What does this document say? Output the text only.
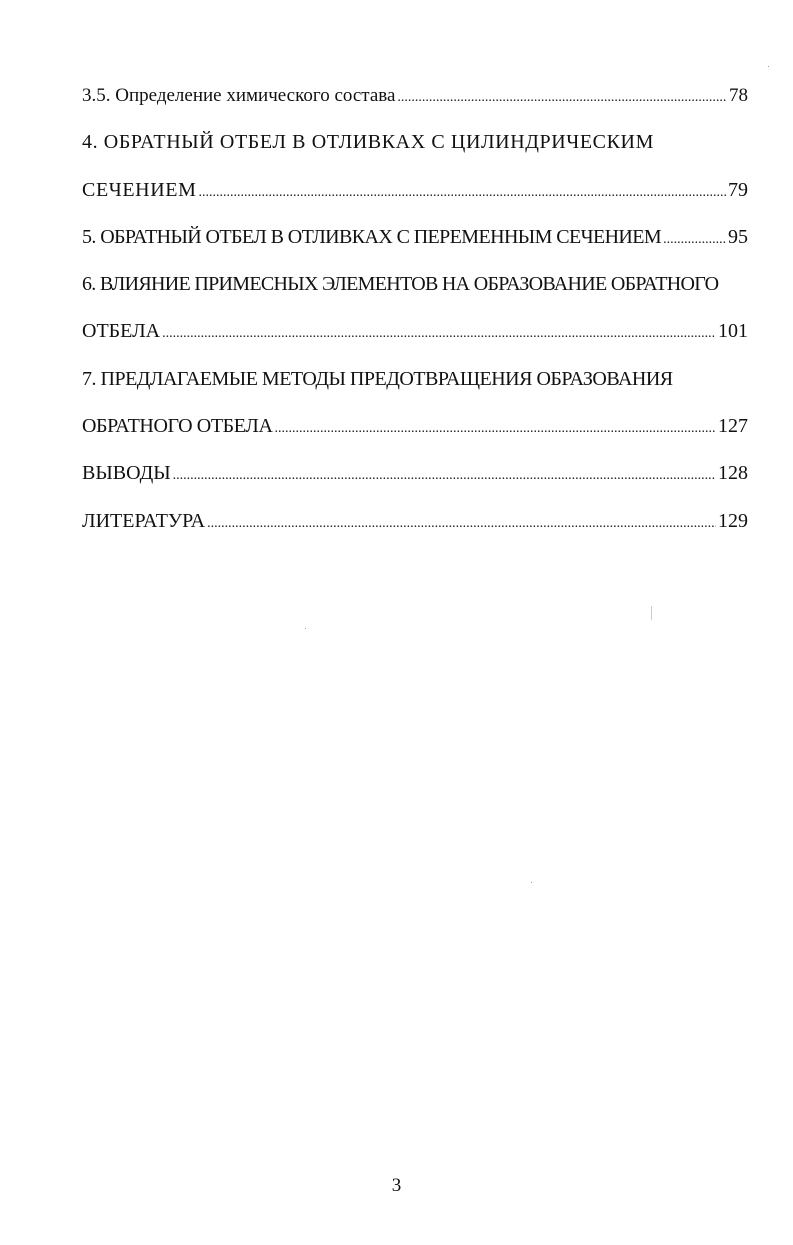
3.5. Определение химического состава .....	78
4. ОБРАТНЫЙ ОТБЕЛ В ОТЛИВКАХ С ЦИЛИНДРИЧЕСКИМ
СЕЧЕНИЕМ .....	79
5. ОБРАТНЫЙ ОТБЕЛ В ОТЛИВКАХ С ПЕРЕМЕННЫМ СЕЧЕНИЕМ .....	95
6. ВЛИЯНИЕ ПРИМЕСНЫХ ЭЛЕМЕНТОВ НА ОБРАЗОВАНИЕ ОБРАТНОГО
ОТБЕЛА .....	101
7. ПРЕДЛАГАЕМЫЕ МЕТОДЫ ПРЕДОТВРАЩЕНИЯ ОБРАЗОВАНИЯ
ОБРАТНОГО ОТБЕЛА .....	127
ВЫВОДЫ .....	128
ЛИТЕРАТУРА .....	129
3
